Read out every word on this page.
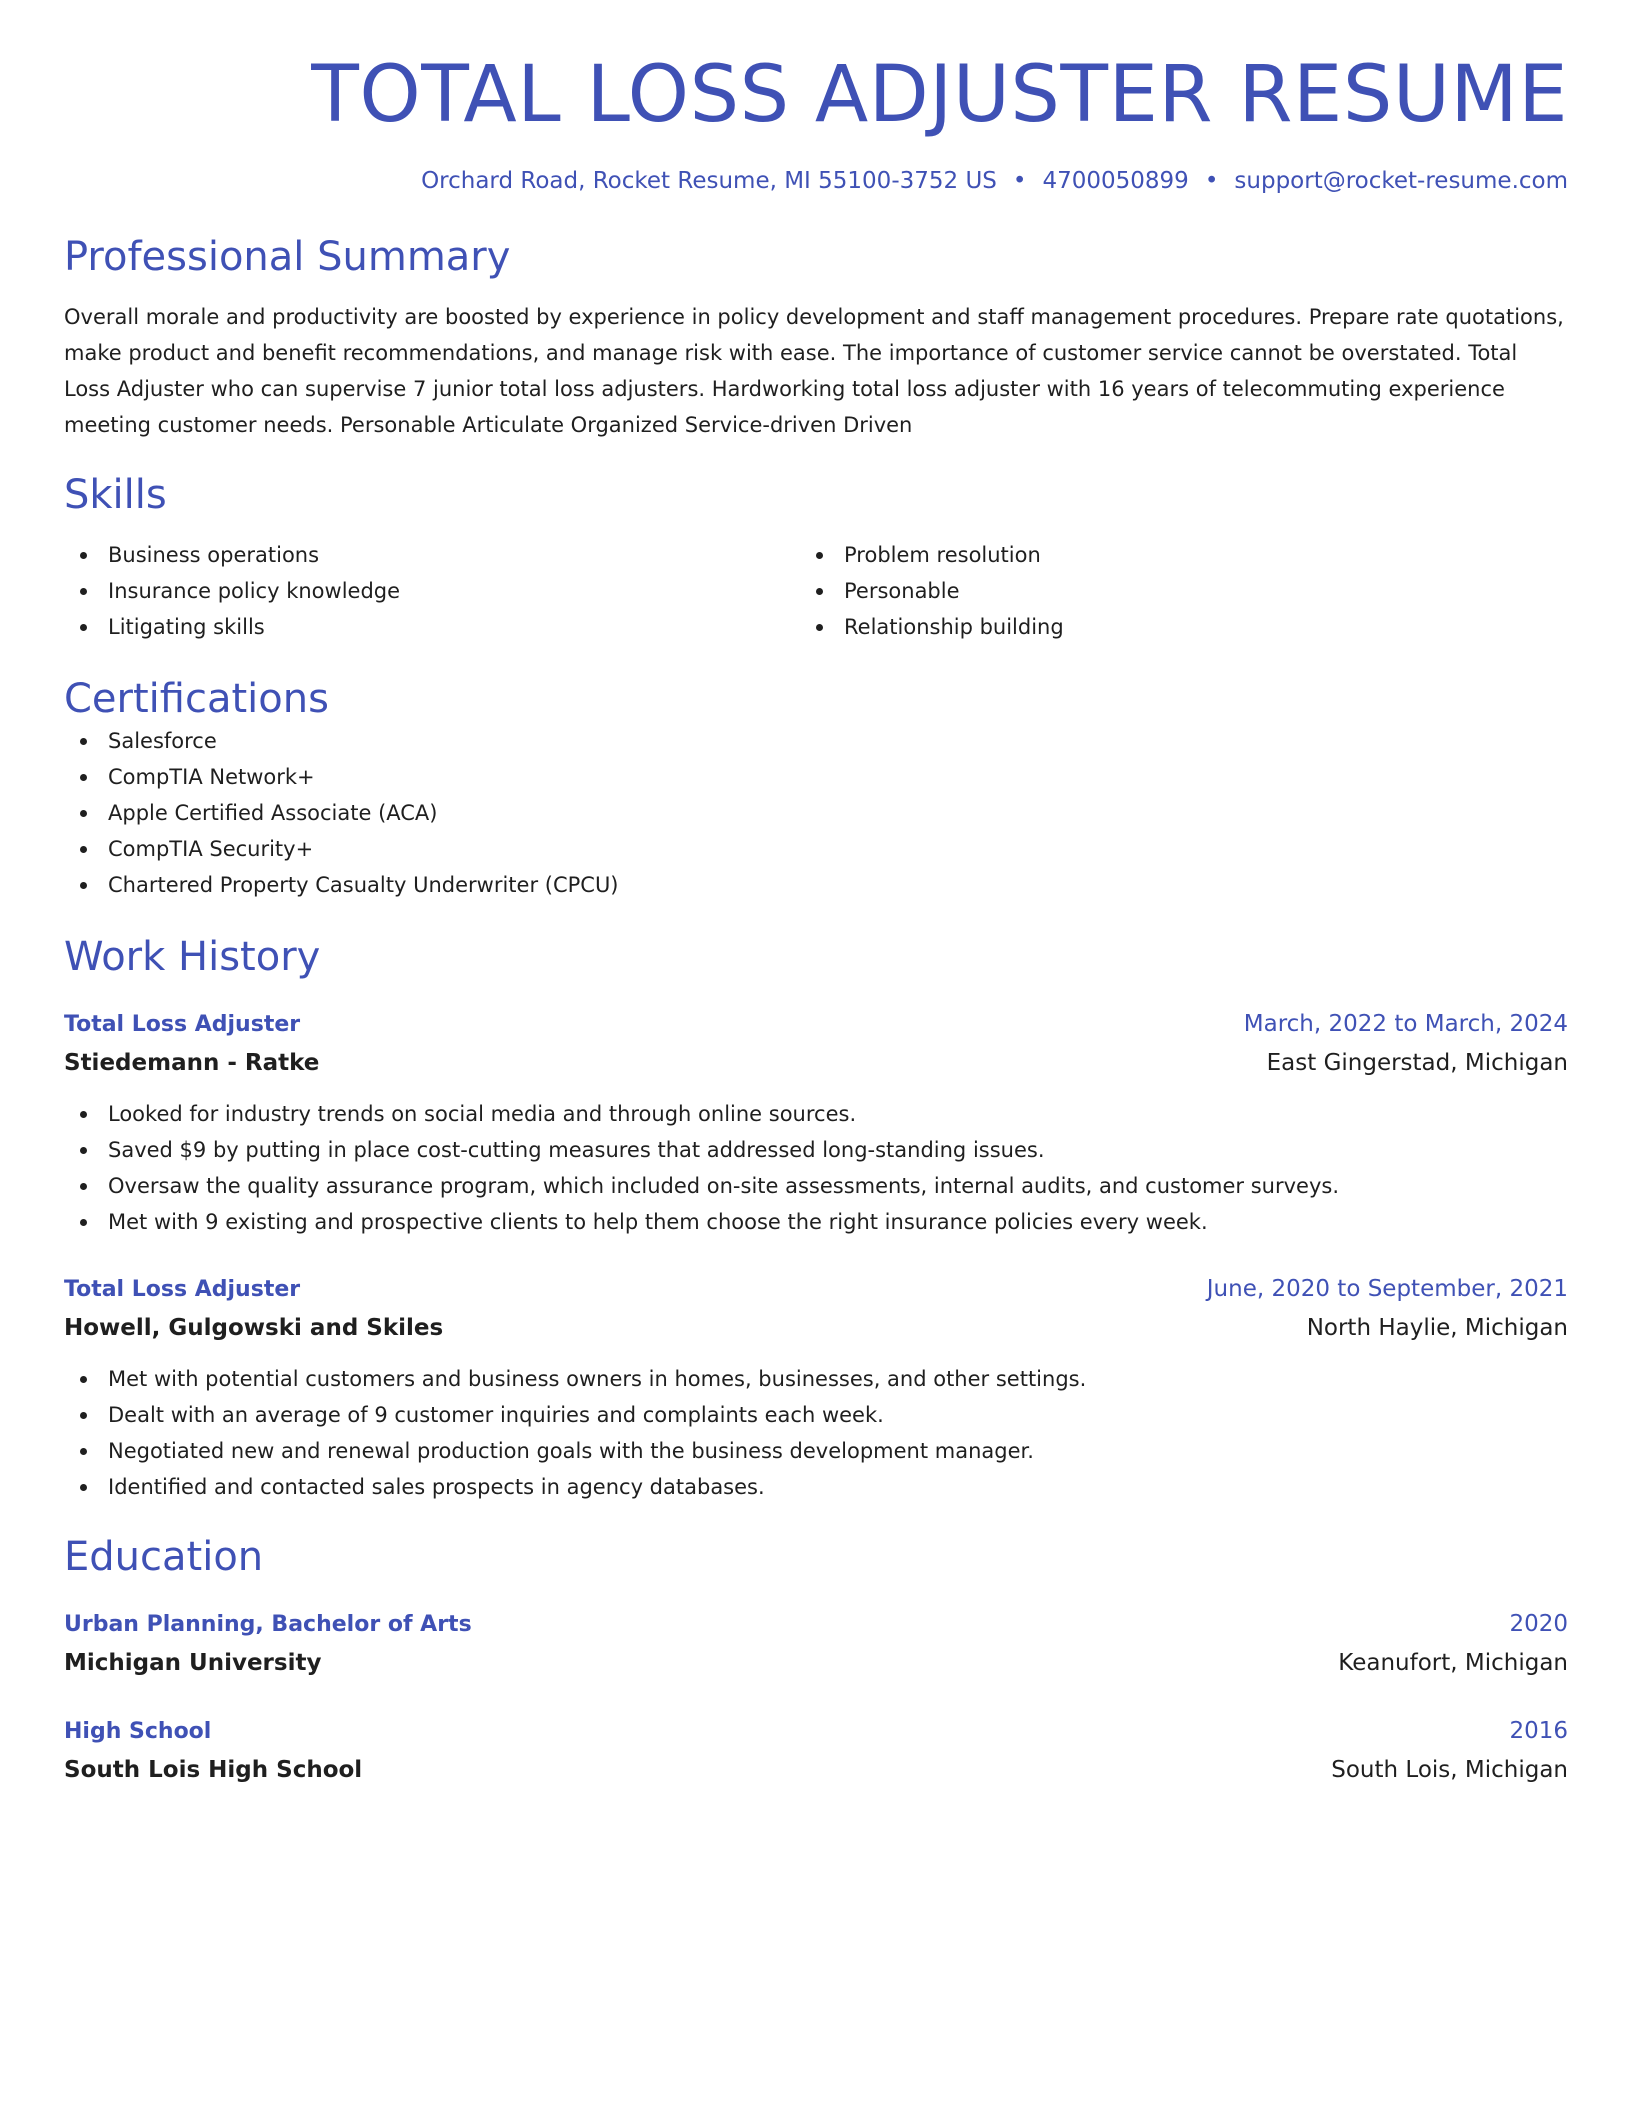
TOTAL LOSS ADJUSTER RESUME
Orchard Road, Rocket Resume, MI 55100-3752 US • 4700050899 • support@rocket-resume.com
Professional Summary

Overall morale and productivity are boosted by experience in policy development and staff management procedures. Prepare rate quotations, make product and benefit recommendations, and manage risk with ease. The importance of customer service cannot be overstated. Total Loss Adjuster who can supervise 7 junior total loss adjusters. Hardworking total loss adjuster with 16 years of telecommuting experience meeting customer needs. Personable Articulate Organized Service-driven Driven

Skills
Business operations
Insurance policy knowledge
Litigating skills
Problem resolution
Personable
Relationship building
Certifications
Salesforce
CompTIA Network+
Apple Certified Associate (ACA)
CompTIA Security+
Chartered Property Casualty Underwriter (CPCU)
Work History
Total Loss Adjuster	March, 2022 to March, 2024
Stiedemann - Ratke	East Gingerstad, Michigan
Looked for industry trends on social media and through online sources.
Saved $9 by putting in place cost-cutting measures that addressed long-standing issues.
Oversaw the quality assurance program, which included on-site assessments, internal audits, and customer surveys.
Met with 9 existing and prospective clients to help them choose the right insurance policies every week.
Total Loss Adjuster	June, 2020 to September, 2021
Howell, Gulgowski and Skiles	North Haylie, Michigan
Met with potential customers and business owners in homes, businesses, and other settings.
Dealt with an average of 9 customer inquiries and complaints each week.
Negotiated new and renewal production goals with the business development manager.
Identified and contacted sales prospects in agency databases.
Education
Urban Planning, Bachelor of Arts	2020
Michigan University	Keanufort, Michigan
High School	2016
South Lois High School	South Lois, Michigan
